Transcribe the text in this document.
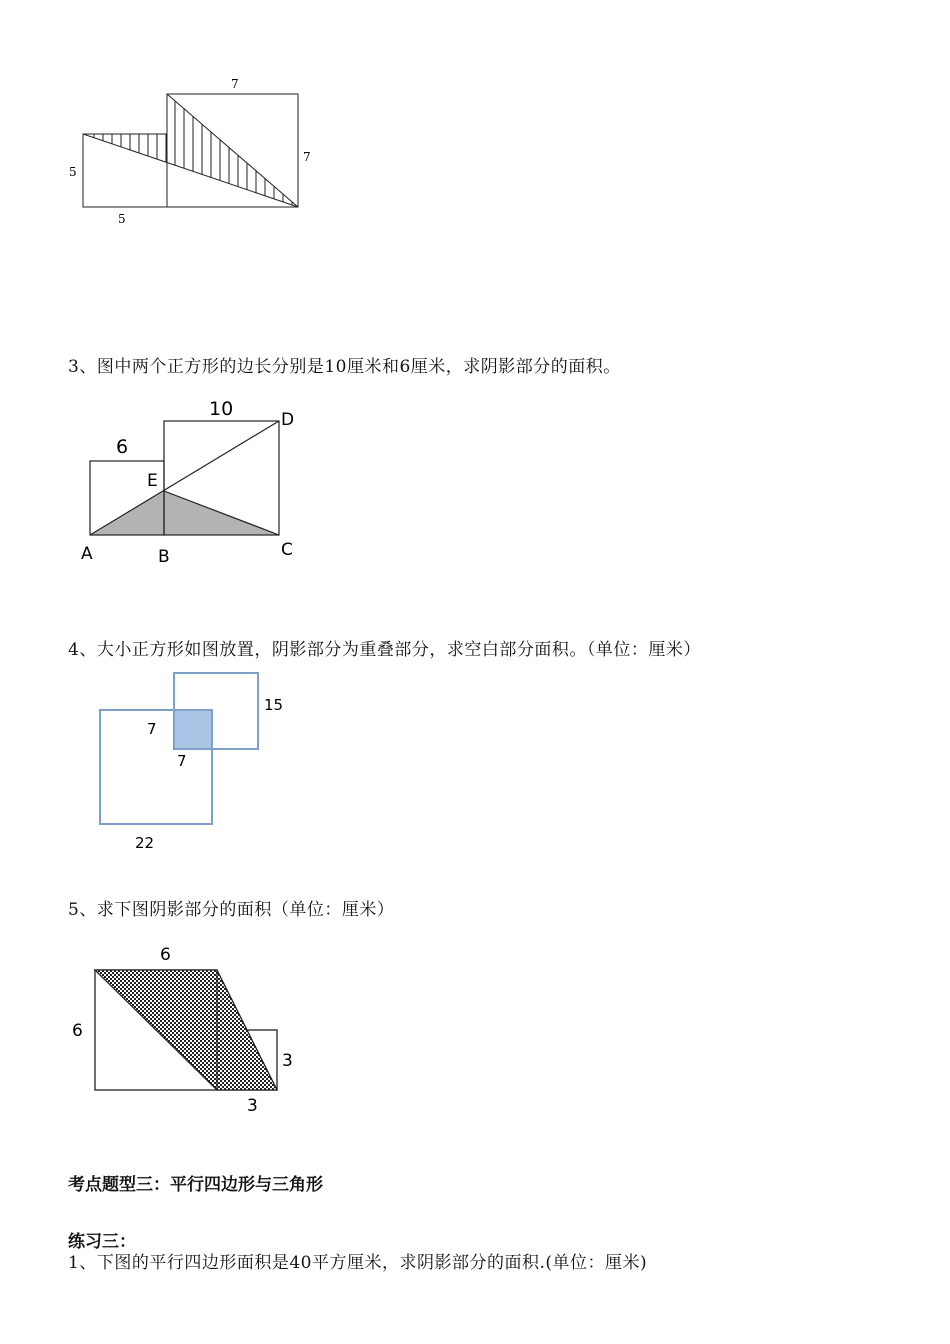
7
7
5
5
3、图中两个正方形的边长分别是10厘米和6厘米，求阴影部分的面积。
10
6
D
E
A	B	C
4、大小正方形如图放置，阴影部分为重叠部分，求空白部分面积。（单位：厘米）
15
7
7
22
5、求下图阴影部分的面积（单位：厘米）
6
6
3
3
考点题型三：平行四边形与三角形
练习三：
1、下图的平行四边形面积是40平方厘米，求阴影部分的面积.(单位：厘米)
